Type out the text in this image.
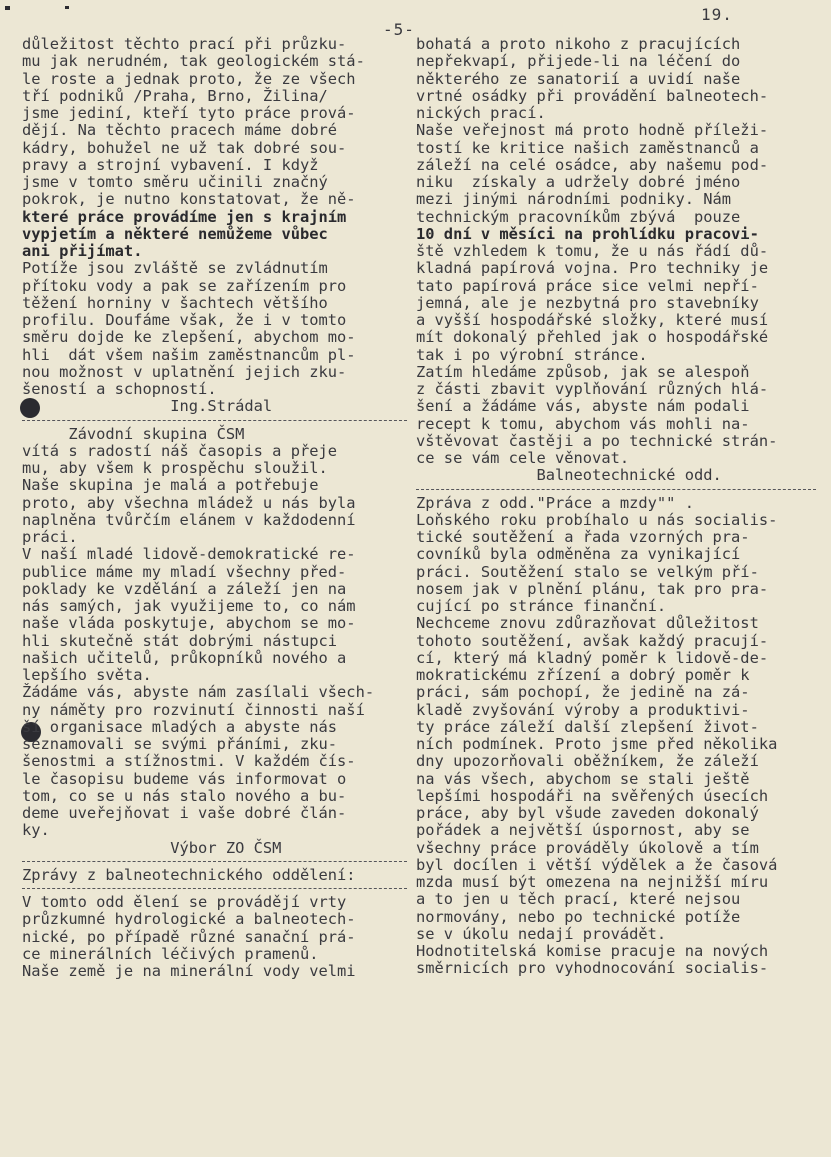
-5-
19.
důležitost těchto prací při průzku-
mu jak nerudném, tak geologickém stá-
le roste a jednak proto, že ze všech
tří podniků /Praha, Brno, Žilina/
jsme jediní, kteří tyto práce prová-
dějí. Na těchto pracech máme dobré
kádry, bohužel ne už tak dobré sou-
pravy a strojní vybavení. I když
jsme v tomto směru učinili značný
pokrok, je nutno konstatovat, že ně-
které práce provádíme jen s krajním
vypjetím a některé nemůžeme vůbec
ani přijímat.
Potíže jsou zvláště se zvládnutím
přítoku vody a pak se zařízením pro
těžení horniny v šachtech většího
profilu. Doufáme však, že i v tomto
směru dojde ke zlepšení, abychom mo-
hli  dát všem našim zaměstnancům pl-
nou možnost v uplatnění jejich zku-
šeností a schopností.
Ing.Strádal
Závodní skupina ČSM
vítá s radostí náš časopis a přeje
mu, aby všem k prospěchu sloužil.
Naše skupina je malá a potřebuje
proto, aby všechna mládež u nás byla
naplněna tvůrčím elánem v každodenní
práci.
V naší mladé lidově-demokratické re-
publice máme my mladí všechny před-
poklady ke vzdělání a záleží jen na
nás samých, jak využijeme to, co nám
naše vláda poskytuje, abychom se mo-
hli skutečně stát dobrými nástupci
našich učitelů, průkopníků nového a
lepšího světa.
Žádáme vás, abyste nám zasílali všech-
ny náměty pro rozvinutí činnosti naší
ší organisace mladých a abyste nás
seznamovali se svými přáními, zku-
šenostmi a stížnostmi. V každém čís-
le časopisu budeme vás informovat o
tom, co se u nás stalo nového a bu-
deme uveřejňovat i vaše dobré člán-
ky.
Výbor ZO ČSM
Zprávy z balneotechnického oddělení:
V tomto odd ělení se provádějí vrty
průzkumné hydrologické a balneotech-
nické, po případě různé sanační prá-
ce minerálních léčivých pramenů.
Naše země je na minerální vody velmi
bohatá a proto nikoho z pracujících
nepřekvapí, přijede-li na léčení do
některého ze sanatorií a uvidí naše
vrtné osádky při provádění balneotech-
nických prací.
Naše veřejnost má proto hodně příleži-
tostí ke kritice našich zaměstnanců a
záleží na celé osádce, aby našemu pod-
niku  získaly a udržely dobré jméno
mezi jinými národními podniky. Nám
technickým pracovníkům zbývá  pouze
10 dní v měsíci na prohlídku pracovi-
ště vzhledem k tomu, že u nás řádí dů-
kladná papírová vojna. Pro techniky je
tato papírová práce sice velmi nepří-
jemná, ale je nezbytná pro stavebníky
a vyšší hospodářské složky, které musí
mít dokonalý přehled jak o hospodářské
tak i po výrobní stránce.
Zatím hledáme způsob, jak se alespoň
z části zbavit vyplňování různých hlá-
šení a žádáme vás, abyste nám podali
recept k tomu, abychom vás mohli na-
vštěvovat častěji a po technické strán-
ce se vám cele věnovat.
Balneotechnické odd.
Zpráva z odd."Práce a mzdy"" .
Loňského roku probíhalo u nás socialis-
tické soutěžení a řada vzorných pra-
covníků byla odměněna za vynikající
práci. Soutěžení stalo se velkým pří-
nosem jak v plnění plánu, tak pro pra-
cující po stránce finanční.
Nechceme znovu zdůrazňovat důležitost
tohoto soutěžení, avšak každý pracují-
cí, který má kladný poměr k lidově-de-
mokratickému zřízení a dobrý poměr k
práci, sám pochopí, že jedině na zá-
kladě zvyšování výroby a produktivi-
ty práce záleží další zlepšení život-
ních podmínek. Proto jsme před několika
dny upozorňovali oběžníkem, že záleží
na vás všech, abychom se stali ještě
lepšími hospodáři na svěřených úsecích
práce, aby byl všude zaveden dokonalý
pořádek a největší úspornost, aby se
všechny práce prováděly úkolově a tím
byl docílen i větší výdělek a že časová
mzda musí být omezena na nejnižší míru
a to jen u těch prací, které nejsou
normovány, nebo po technické potíže
se v úkolu nedají provádět.
Hodnotitelská komise pracuje na nových
směrnicích pro vyhodnocování socialis-
